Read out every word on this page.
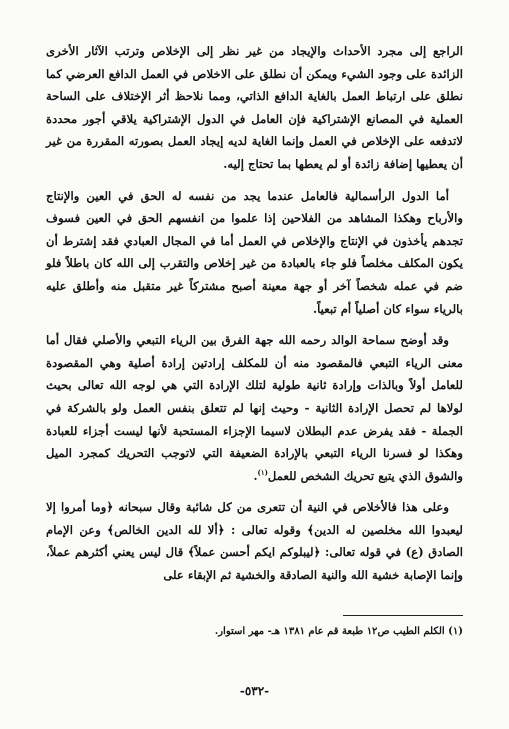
الراجع إلى مجرد الأحداث والإيجاد من غير نظر إلى الإخلاص وترتب الآثار الأخرى الزائدة على وجود الشيء ويمكن أن نطلق على الاخلاص في العمل الدافع العرضي كما نطلق على ارتباط العمل بالغاية الدافع الذاتي، ومما نلاحظ أثر الإختلاف على الساحة العملية في المصانع الإشتراكية فإن العامل في الدول الإشتراكية يلاقي أجور محددة لاتدفعه على الإخلاص في العمل وإنما الغاية لديه إيجاد العمل بصورته المقررة من غير أن يعطيها إضافة زائدة أو لم يعطها بما تحتاج إليه.

أما الدول الرأسمالية فالعامل عندما يجد من نفسه له الحق في العين والإنتاج والأرباح وهكذا المشاهد من الفلاحين إذا علموا من انفسهم الحق في العين فسوف تجدهم يأخذون في الإنتاج والإخلاص في العمل أما في المجال العبادي فقد إشترط أن يكون المكلف مخلصاً فلو جاء بالعبادة من غير إخلاص والتقرب إلى الله كان باطلاً فلو ضم في عمله شخصاً آخر أو جهة معينة أصبح مشتركاً غير متقبل منه وأطلق عليه بالرياء سواء كان أصلياً أم تبعياً.

وقد أوضح سماحة الوالد رحمه الله جهة الفرق بين الرياء التبعي والأصلي فقال أما معنى الرياء التبعي فالمقصود منه أن للمكلف إرادتين إرادة أصلية وهي المقصودة للعامل أولاً وبالذات وإرادة ثانية طولية لتلك الإرادة التي هي لوجه الله تعالى بحيث لولاها لم تحصل الإرادة الثانية - وحيث إنها لم تتعلق بنفس العمل ولو بالشركة في الجملة - فقد يفرض عدم البطلان لاسيما الإجزاء المستحبة لأنها ليست أجزاء للعبادة وهكذا لو فسرنا الرياء التبعي بالإرادة الضعيفة التي لاتوجب التحريك كمجرد الميل والشوق الذي يتبع تحريك الشخص للعمل$^{(١)}$.

وعلى هذا فالأخلاص في النية أن تتعرى من كل شائبة وقال سبحانه ﴿وما أمروا إلا ليعبدوا الله مخلصين له الدين﴾ وقوله تعالى : ﴿ألا لله الدين الخالص﴾ وعن الإمام الصادق (ع) في قوله تعالى: ﴿ليبلوكم ايكم أحسن عملاً﴾ قال ليس يعني أكثرهم عملاً، وإنما الإصابة خشية الله والنية الصادقة والخشية ثم الإبقاء على

(١) الكلم الطيب ص١٢ طبعة قم عام ١٣٨١ هـ- مهر استوار.
-٥٣٢-
